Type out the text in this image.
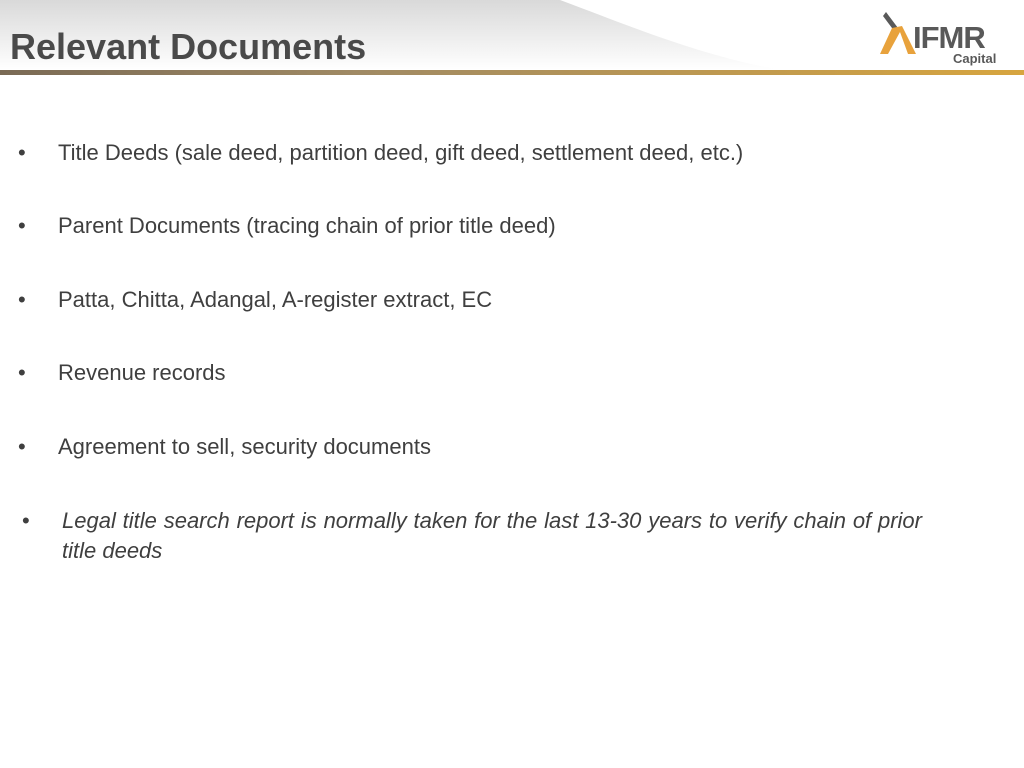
Relevant Documents	IFMR
Capital
• Title Deeds (sale deed, partition deed, gift deed, settlement deed, etc.)
• Parent Documents (tracing chain of prior title deed)
• Patta, Chitta, Adangal, A-register extract, EC
• Revenue records
• Agreement to sell, security documents
• Legal title search report is normally taken for the last 13-30 years to verify chain of prior title deeds
